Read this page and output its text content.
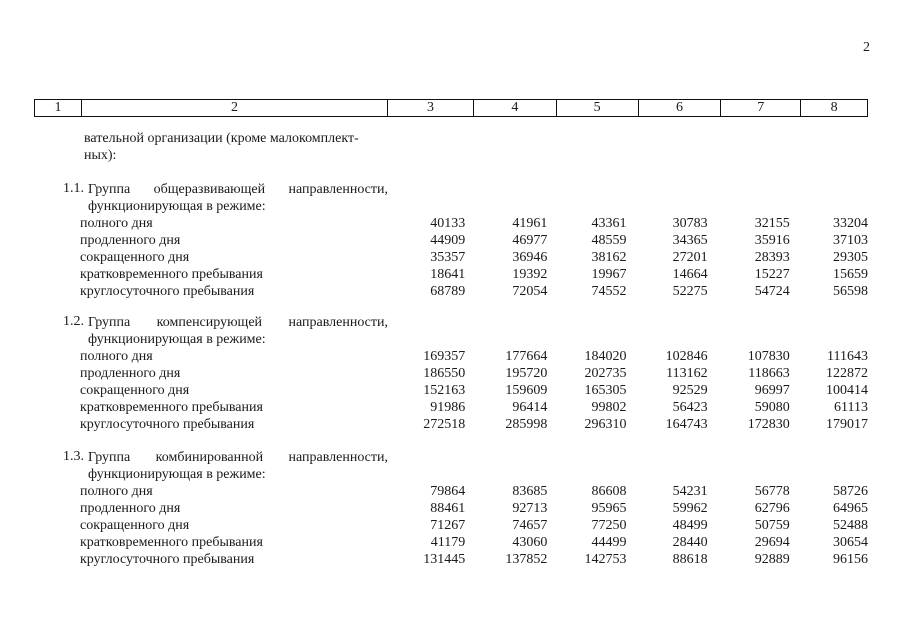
2
1	2	3	4	5	6	7	8
вательной организации (кроме малокомплект-
ных):
1.1. Группа общеразвивающей направленности,
функционирующая в режиме:
полного дня	40133	41961	43361	30783	32155	33204
продленного дня	44909	46977	48559	34365	35916	37103
сокращенного дня	35357	36946	38162	27201	28393	29305
кратковременного пребывания	18641	19392	19967	14664	15227	15659
круглосуточного пребывания	68789	72054	74552	52275	54724	56598
1.2. Группа компенсирующей направленности,
функционирующая в режиме:
полного дня	169357	177664	184020	102846	107830	111643
продленного дня	186550	195720	202735	113162	118663	122872
сокращенного дня	152163	159609	165305	92529	96997	100414
кратковременного пребывания	91986	96414	99802	56423	59080	61113
круглосуточного пребывания	272518	285998	296310	164743	172830	179017
1.3. Группа комбинированной направленности,
функционирующая в режиме:
полного дня	79864	83685	86608	54231	56778	58726
продленного дня	88461	92713	95965	59962	62796	64965
сокращенного дня	71267	74657	77250	48499	50759	52488
кратковременного пребывания	41179	43060	44499	28440	29694	30654
круглосуточного пребывания	131445	137852	142753	88618	92889	96156
